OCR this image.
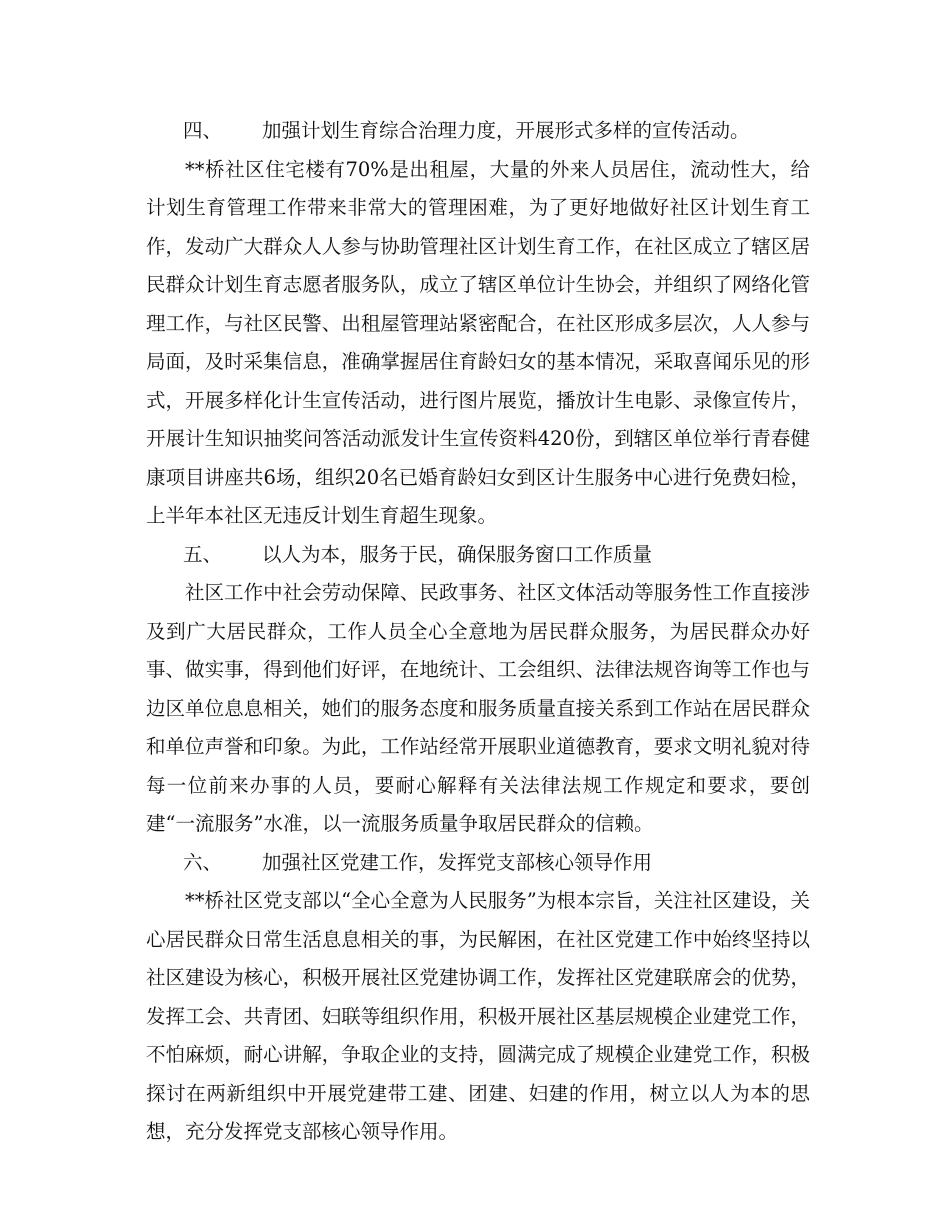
四、	加强计划生育综合治理力度，开展形式多样的宣传活动。

**桥社区住宅楼有70%是出租屋，大量的外来人员居住，流动性大，给计划生育管理工作带来非常大的管理困难，为了更好地做好社区计划生育工作，发动广大群众人人参与协助管理社区计划生育工作，在社区成立了辖区居民群众计划生育志愿者服务队，成立了辖区单位计生协会，并组织了网络化管理工作，与社区民警、出租屋管理站紧密配合，在社区形成多层次，人人参与局面，及时采集信息，准确掌握居住育龄妇女的基本情况，采取喜闻乐见的形式，开展多样化计生宣传活动，进行图片展览，播放计生电影、录像宣传片，开展计生知识抽奖问答活动派发计生宣传资料420份，到辖区单位举行青春健康项目讲座共6场，组织20名已婚育龄妇女到区计生服务中心进行免费妇检，上半年本社区无违反计划生育超生现象。

五、	以人为本，服务于民，确保服务窗口工作质量

社区工作中社会劳动保障、民政事务、社区文体活动等服务性工作直接涉及到广大居民群众，工作人员全心全意地为居民群众服务，为居民群众办好事、做实事，得到他们好评，在地统计、工会组织、法律法规咨询等工作也与边区单位息息相关，她们的服务态度和服务质量直接关系到工作站在居民群众和单位声誉和印象。为此，工作站经常开展职业道德教育，要求文明礼貌对待每一位前来办事的人员，要耐心解释有关法律法规工作规定和要求，要创建“一流服务”水准，以一流服务质量争取居民群众的信赖。

六、	加强社区党建工作，发挥党支部核心领导作用

**桥社区党支部以“全心全意为人民服务”为根本宗旨，关注社区建设，关心居民群众日常生活息息相关的事，为民解困，在社区党建工作中始终坚持以社区建设为核心，积极开展社区党建协调工作，发挥社区党建联席会的优势，发挥工会、共青团、妇联等组织作用，积极开展社区基层规模企业建党工作，不怕麻烦，耐心讲解，争取企业的支持，圆满完成了规模企业建党工作，积极探讨在两新组织中开展党建带工建、团建、妇建的作用，树立以人为本的思想，充分发挥党支部核心领导作用。
